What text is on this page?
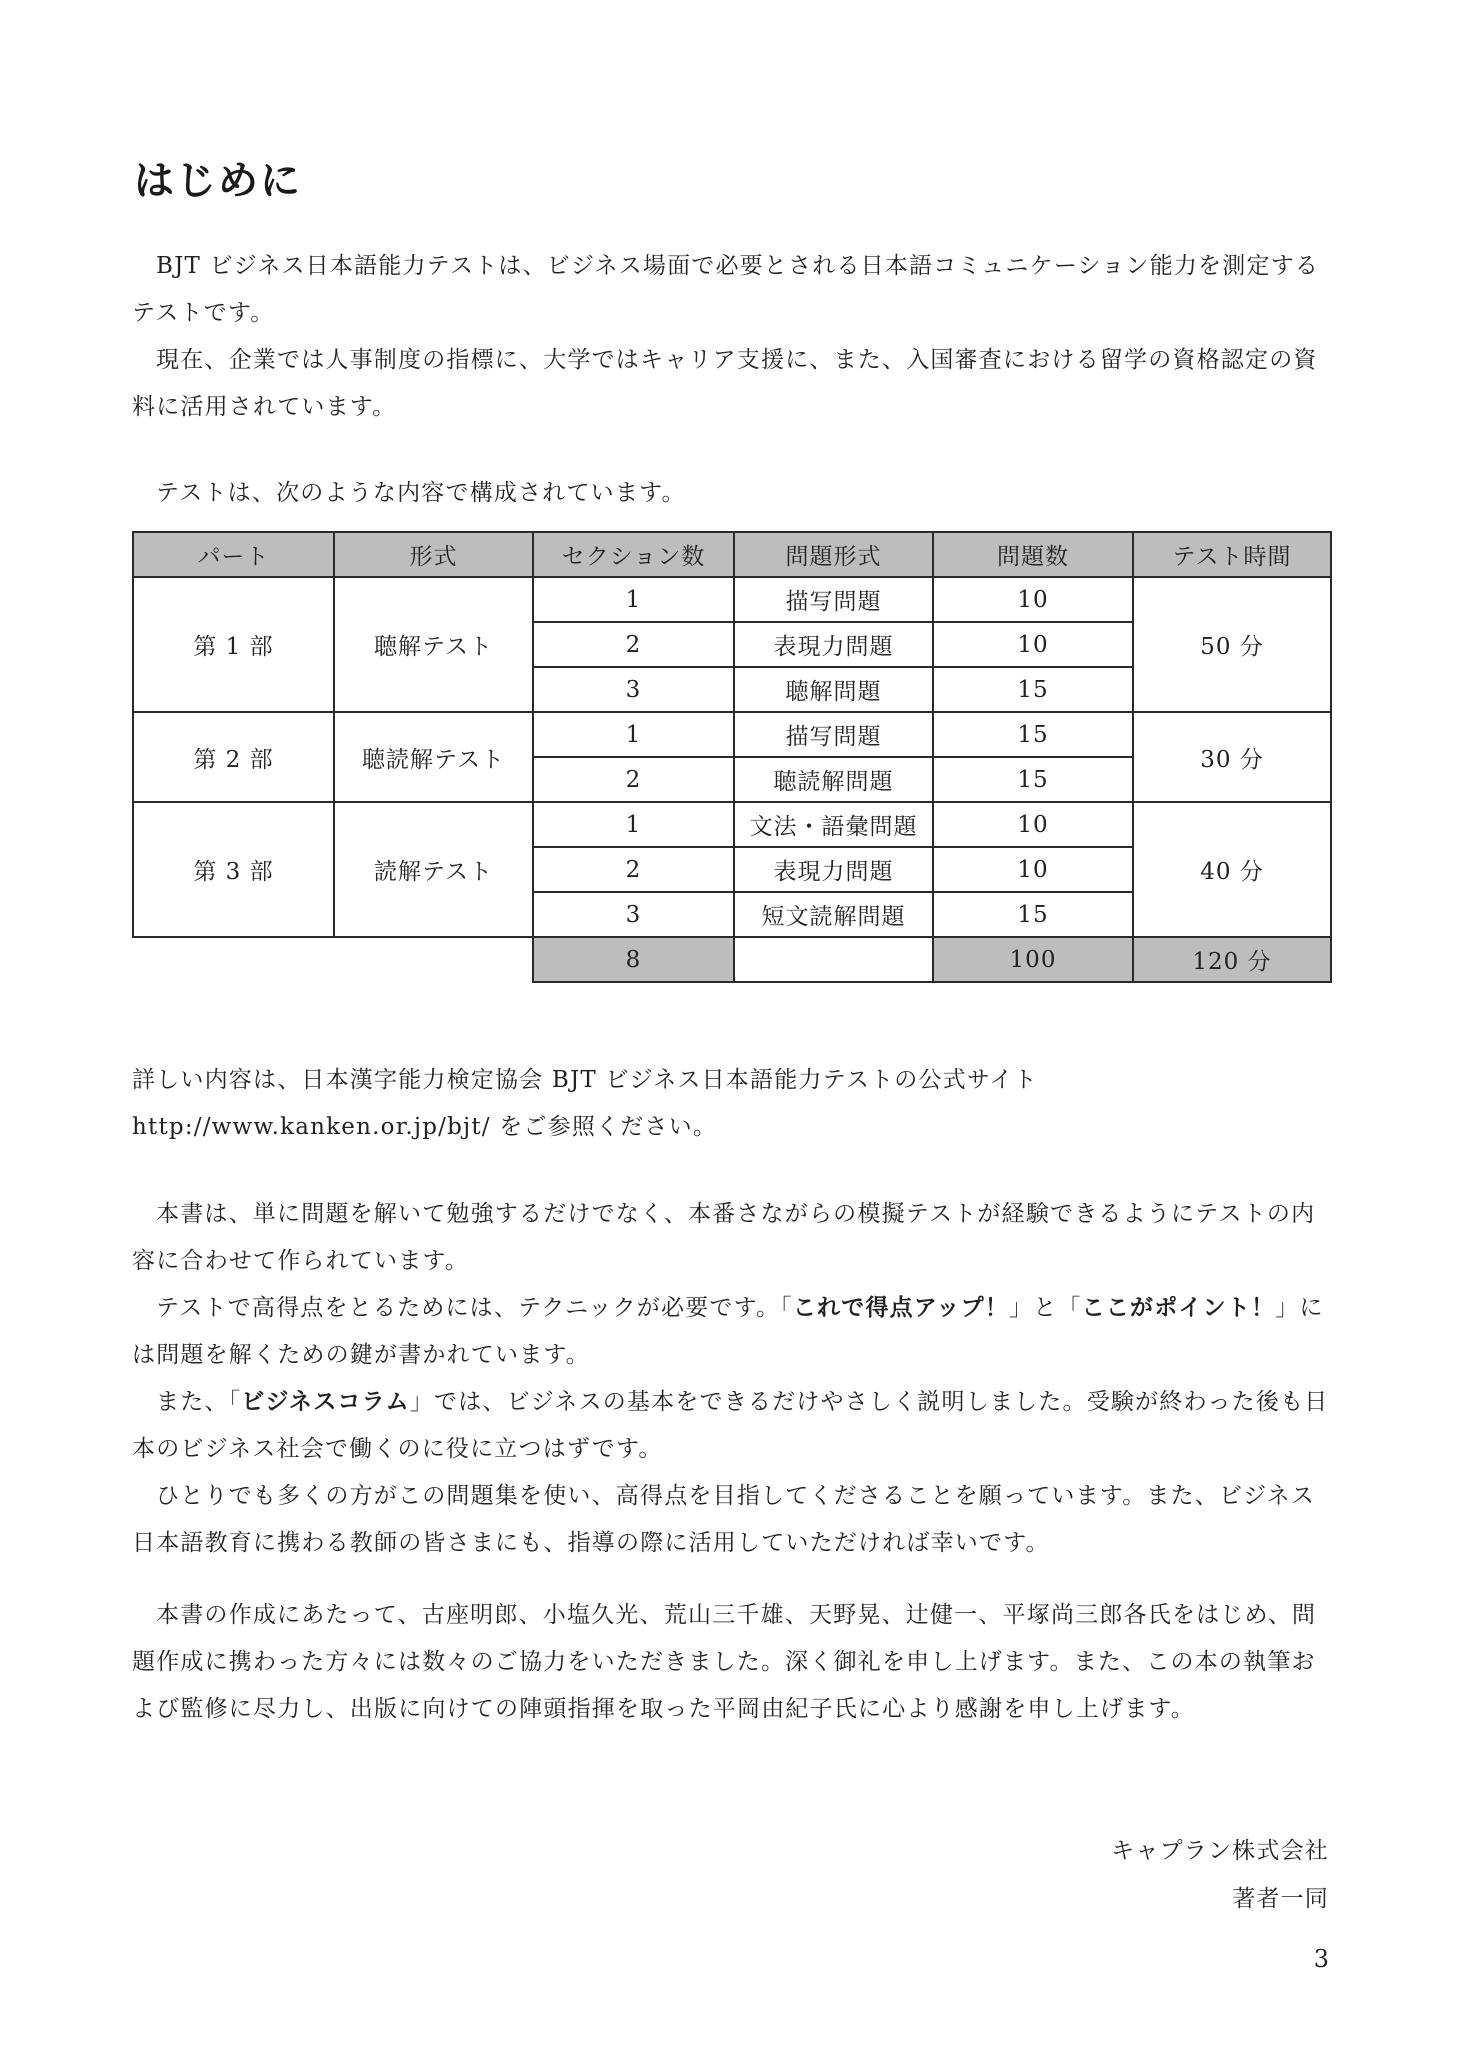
はじめに

BJT ビジネス日本語能力テストは、ビジネス場面で必要とされる日本語コミュニケーション能力を測定するテストです。

現在、企業では人事制度の指標に、大学ではキャリア支援に、また、入国審査における留学の資格認定の資料に活用されています。

テストは、次のような内容で構成されています。

パート	形式	セクション数	問題形式	問題数	テスト時間
第 1 部	聴解テスト	1	描写問題	10	50 分
		2	表現力問題	10	
		3	聴解問題	15	
第 2 部	聴読解テスト	1	描写問題	15	30 分
		2	聴読解問題	15	
第 3 部	読解テスト	1	文法・語彙問題	10	40 分
		2	表現力問題	10	
		3	短文読解問題	15	
		8		100	120 分

詳しい内容は、日本漢字能力検定協会 BJT ビジネス日本語能力テストの公式サイト

http://www.kanken.or.jp/bjt/ をご参照ください。

本書は、単に問題を解いて勉強するだけでなく、本番さながらの模擬テストが経験できるようにテストの内容に合わせて作られています。

テストで高得点をとるためには、テクニックが必要です。「これで得点アップ！」と「ここがポイント！」には問題を解くための鍵が書かれています。

また、「ビジネスコラム」では、ビジネスの基本をできるだけやさしく説明しました。受験が終わった後も日本のビジネス社会で働くのに役に立つはずです。

ひとりでも多くの方がこの問題集を使い、高得点を目指してくださることを願っています。また、ビジネス日本語教育に携わる教師の皆さまにも、指導の際に活用していただければ幸いです。

本書の作成にあたって、古座明郎、小塩久光、荒山三千雄、天野晃、辻健一、平塚尚三郎各氏をはじめ、問題作成に携わった方々には数々のご協力をいただきました。深く御礼を申し上げます。また、この本の執筆および監修に尽力し、出版に向けての陣頭指揮を取った平岡由紀子氏に心より感謝を申し上げます。

キャプラン株式会社
著者一同
3
